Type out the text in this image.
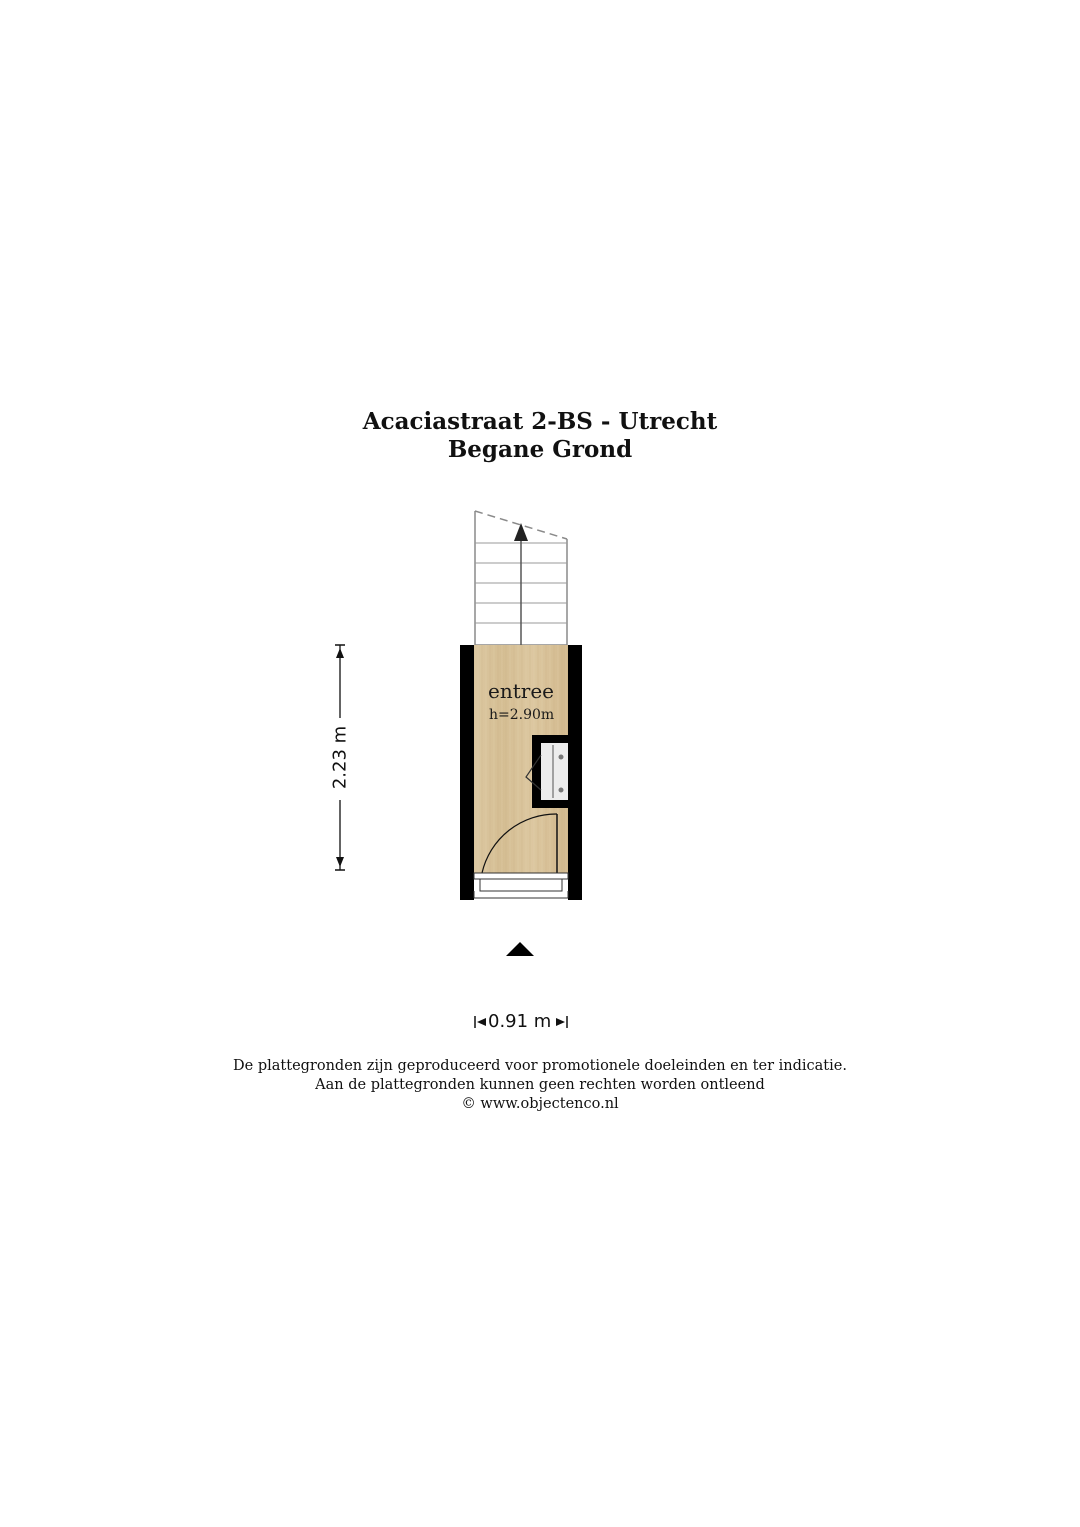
Acaciastraat 2-BS - Utrecht
Begane Grond
entree
h=2.90m
2.23 m
0.91 m
De plattegronden zijn geproduceerd voor promotionele doeleinden en ter indicatie.
Aan de plattegronden kunnen geen rechten worden ontleend
© www.objectenco.nl
